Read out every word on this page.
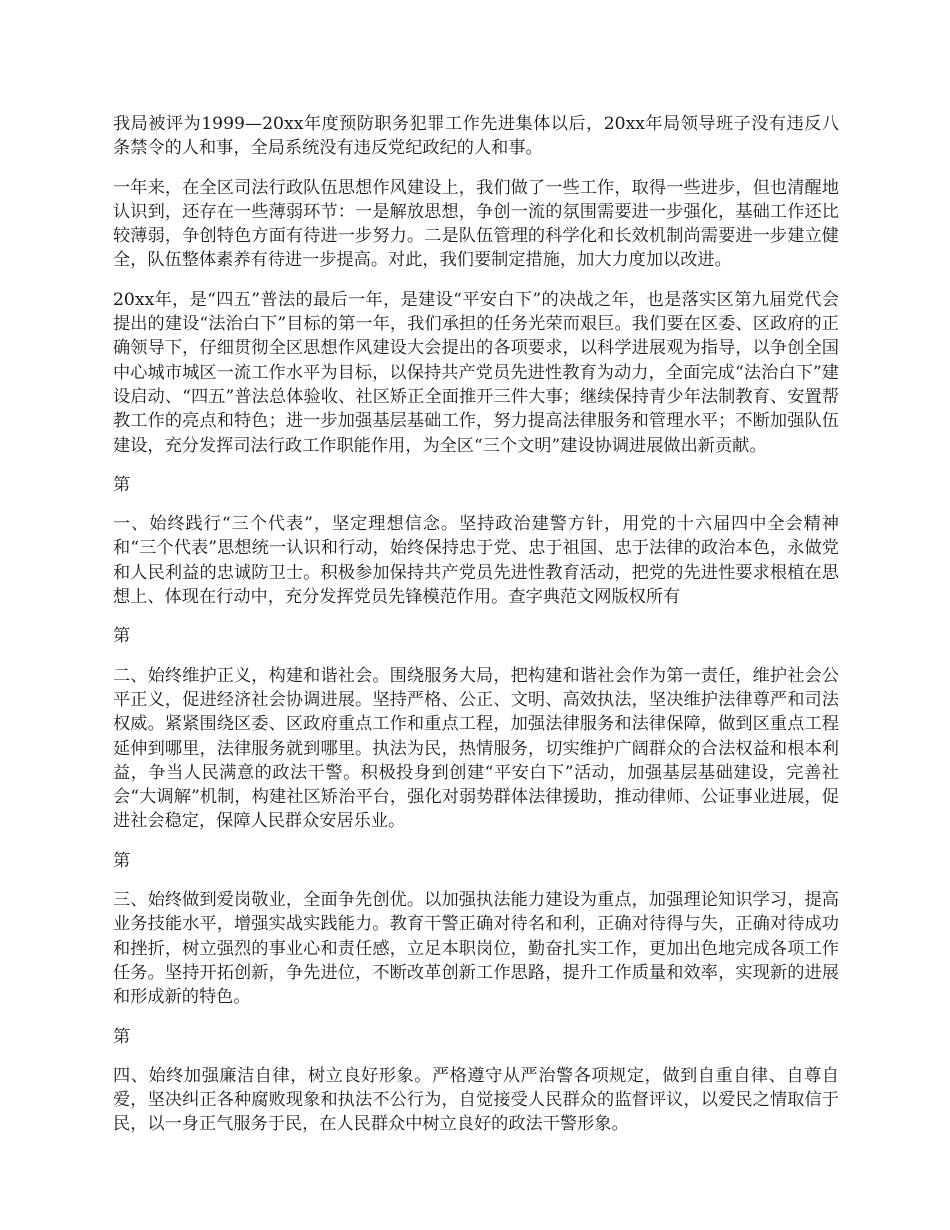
我局被评为1999—20xx年度预防职务犯罪工作先进集体以后，20xx年局领导班子没有违反八条禁令的人和事，全局系统没有违反党纪政纪的人和事。

一年来，在全区司法行政队伍思想作风建设上，我们做了一些工作，取得一些进步，但也清醒地认识到，还存在一些薄弱环节：一是解放思想，争创一流的氛围需要进一步强化，基础工作还比较薄弱，争创特色方面有待进一步努力。二是队伍管理的科学化和长效机制尚需要进一步建立健全，队伍整体素养有待进一步提高。对此，我们要制定措施，加大力度加以改进。

20xx年，是“四五”普法的最后一年，是建设“平安白下”的决战之年，也是落实区第九届党代会提出的建设“法治白下”目标的第一年，我们承担的任务光荣而艰巨。我们要在区委、区政府的正确领导下，仔细贯彻全区思想作风建设大会提出的各项要求，以科学进展观为指导，以争创全国中心城市城区一流工作水平为目标，以保持共产党员先进性教育为动力，全面完成“法治白下”建设启动、“四五”普法总体验收、社区矫正全面推开三件大事；继续保持青少年法制教育、安置帮教工作的亮点和特色；进一步加强基层基础工作，努力提高法律服务和管理水平；不断加强队伍建设，充分发挥司法行政工作职能作用，为全区“三个文明”建设协调进展做出新贡献。

第

一、始终践行“三个代表”，坚定理想信念。坚持政治建警方针，用党的十六届四中全会精神和“三个代表”思想统一认识和行动，始终保持忠于党、忠于祖国、忠于法律的政治本色，永做党和人民利益的忠诚防卫士。积极参加保持共产党员先进性教育活动，把党的先进性要求根植在思想上、体现在行动中，充分发挥党员先锋模范作用。查字典范文网版权所有

第

二、始终维护正义，构建和谐社会。围绕服务大局，把构建和谐社会作为第一责任，维护社会公平正义，促进经济社会协调进展。坚持严格、公正、文明、高效执法，坚决维护法律尊严和司法权威。紧紧围绕区委、区政府重点工作和重点工程，加强法律服务和法律保障，做到区重点工程延伸到哪里，法律服务就到哪里。执法为民，热情服务，切实维护广阔群众的合法权益和根本利益，争当人民满意的政法干警。积极投身到创建“平安白下”活动，加强基层基础建设，完善社会“大调解”机制，构建社区矫治平台，强化对弱势群体法律援助，推动律师、公证事业进展，促进社会稳定，保障人民群众安居乐业。

第

三、始终做到爱岗敬业，全面争先创优。以加强执法能力建设为重点，加强理论知识学习，提高业务技能水平，增强实战实践能力。教育干警正确对待名和利，正确对待得与失，正确对待成功和挫折，树立强烈的事业心和责任感，立足本职岗位，勤奋扎实工作，更加出色地完成各项工作任务。坚持开拓创新，争先进位，不断改革创新工作思路，提升工作质量和效率，实现新的进展和形成新的特色。

第

四、始终加强廉洁自律，树立良好形象。严格遵守从严治警各项规定，做到自重自律、自尊自爱，坚决纠正各种腐败现象和执法不公行为，自觉接受人民群众的监督评议，以爱民之情取信于民，以一身正气服务于民，在人民群众中树立良好的政法干警形象。
